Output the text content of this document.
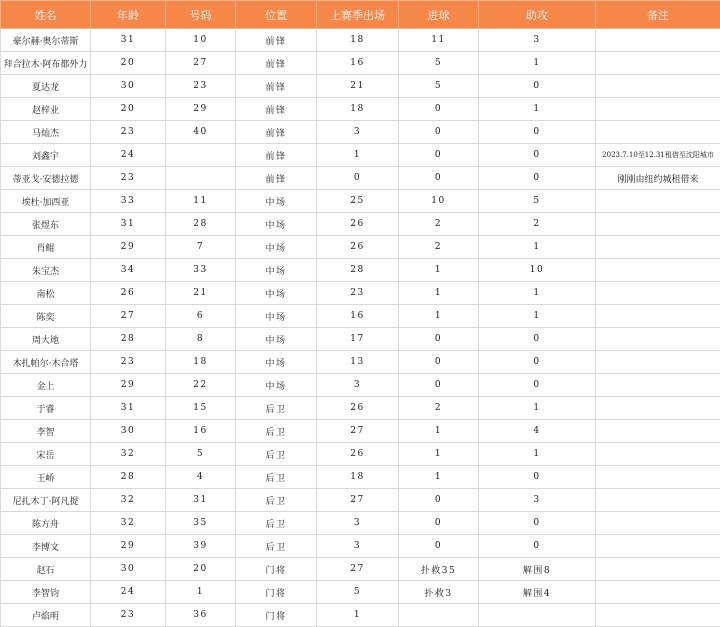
姓名	年龄	号码	位置	上赛季出场	进球	助攻	备注
豪尔赫·奥尔蒂斯	31	10	前锋	18	11	3	
拜合拉木·阿布都外力	20	27	前锋	16	5	1	
夏达龙	30	23	前锋	21	5	0	
赵梓业	20	29	前锋	18	0	1	
马灿杰	23	40	前锋	3	0	0	
刘鑫宇	24		前锋	1	0	0	2023.7.10至12.31租借至沈阳城市
蒂亚戈·安德拉德	23		前锋	0	0	0	刚刚由纽约城租借来
埃杜·加西亚	33	11	中场	25	10	5	
张煜东	31	28	中场	26	2	2	
肖鲲	29	7	中场	26	2	1	
朱宝杰	34	33	中场	28	1	10	
南松	26	21	中场	23	1	1	
陈奕	27	6	中场	16	1	1	
周大地	28	8	中场	17	0	0	
木扎帕尔·木合塔	23	18	中场	13	0	0	
金上	29	22	中场	3	0	0	
于睿	31	15	后卫	26	2	1	
李智	30	16	后卫	27	1	4	
宋岳	32	5	后卫	26	1	1	
王峤	28	4	后卫	18	1	0	
尼扎木丁·阿凡提	32	31	后卫	27	0	3	
陈方舟	32	35	后卫	3	0	0	
李博文	29	39	后卫	3	0	0	
赵石	30	20	门将	27	扑救35	解围8	
李智钧	24	1	门将	5	扑救3	解围4	
卢焰明	23	36	门将	1			
